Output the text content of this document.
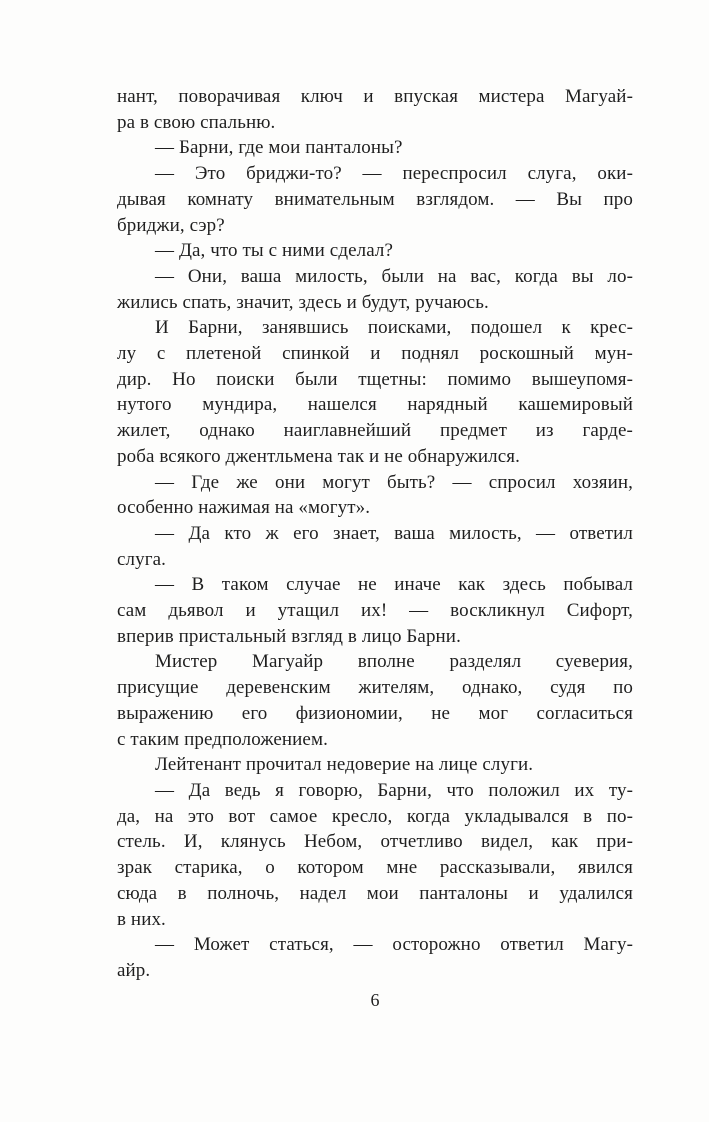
нант, поворачивая ключ и впуская мистера Магуай-
ра в свою спальню.
— Барни, где мои панталоны?
— Это бриджи-то? — переспросил слуга, оки-
дывая комнату внимательным взглядом. — Вы про
бриджи, сэр?
— Да, что ты с ними сделал?
— Они, ваша милость, были на вас, когда вы ло-
жились спать, значит, здесь и будут, ручаюсь.
И Барни, занявшись поисками, подошел к крес-
лу с плетеной спинкой и поднял роскошный мун-
дир. Но поиски были тщетны: помимо вышеупомя-
нутого мундира, нашелся нарядный кашемировый
жилет, однако наиглавнейший предмет из гарде-
роба всякого джентльмена так и не обнаружился.
— Где же они могут быть? — спросил хозяин,
особенно нажимая на «могут».
— Да кто ж его знает, ваша милость, — ответил
слуга.
— В таком случае не иначе как здесь побывал
сам дьявол и утащил их! — воскликнул Сифорт,
вперив пристальный взгляд в лицо Барни.
Мистер Магуайр вполне разделял суеверия,
присущие деревенским жителям, однако, судя по
выражению его физиономии, не мог согласиться
с таким предположением.
Лейтенант прочитал недоверие на лице слуги.
— Да ведь я говорю, Барни, что положил их ту-
да, на это вот самое кресло, когда укладывался в по-
стель. И, клянусь Небом, отчетливо видел, как при-
зрак старика, о котором мне рассказывали, явился
сюда в полночь, надел мои панталоны и удалился
в них.
— Может статься, — осторожно ответил Магу-
айр.
6
